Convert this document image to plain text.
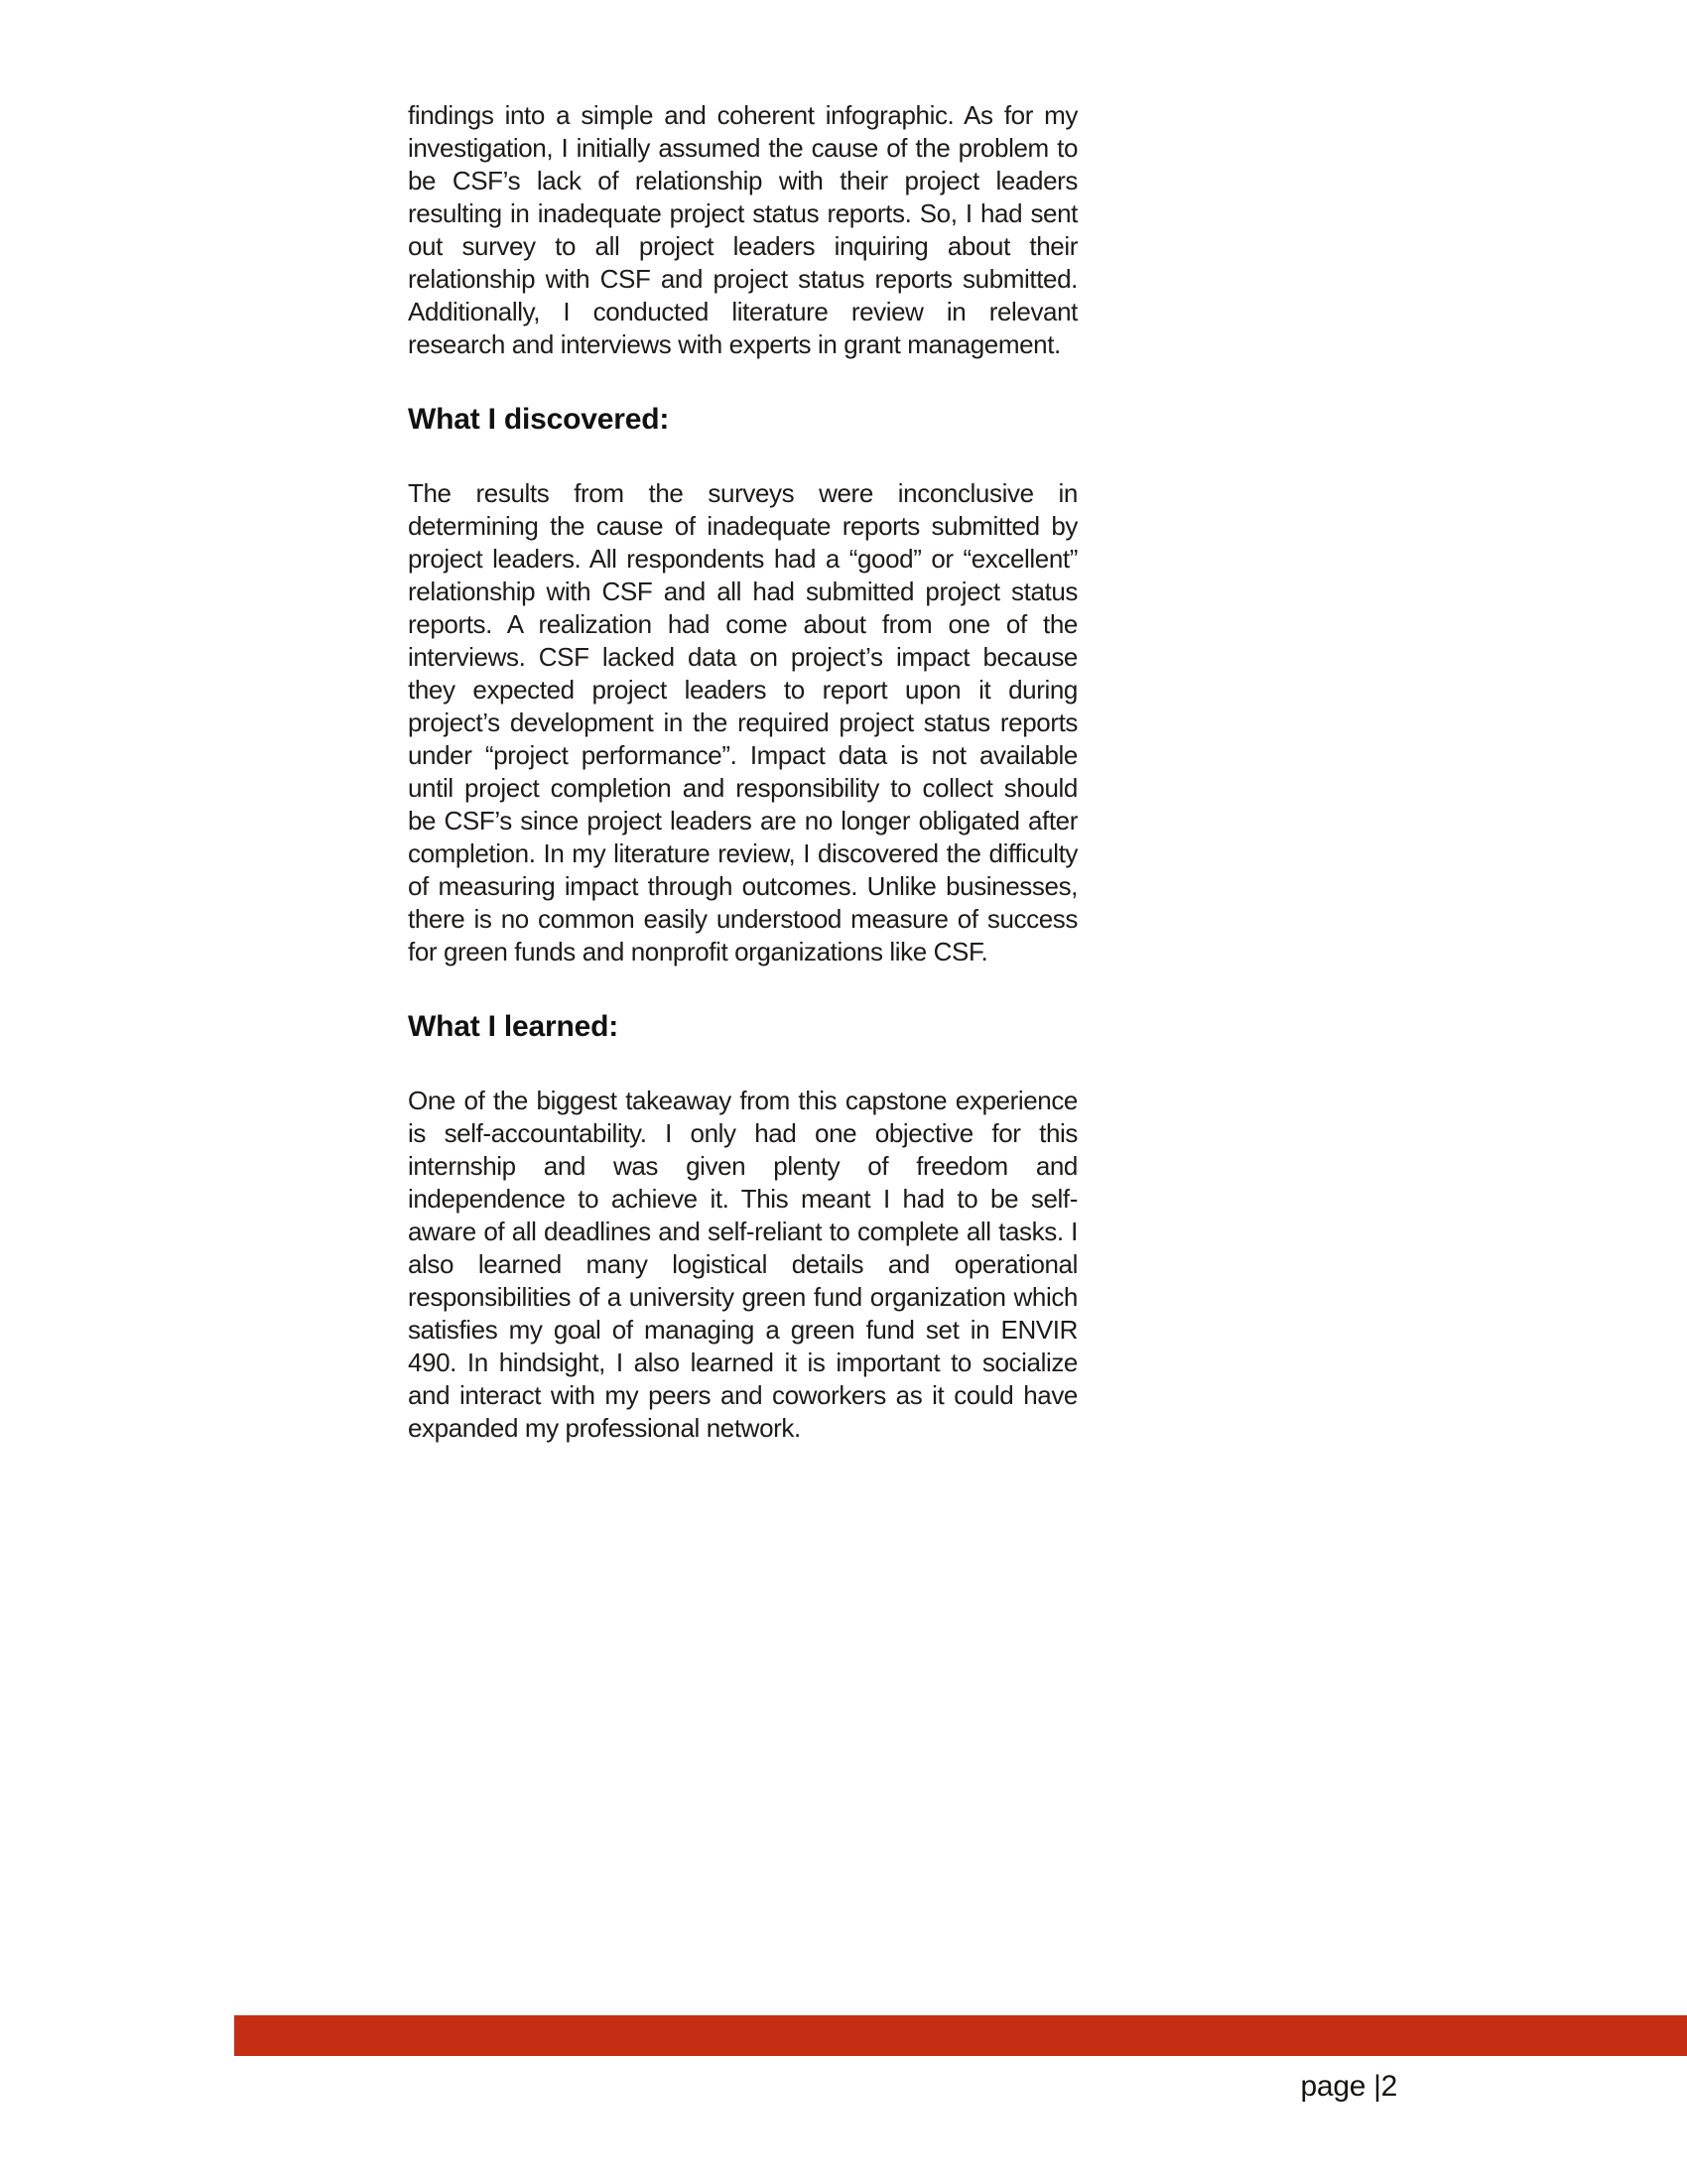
findings into a simple and coherent infographic. As for my investigation, I initially assumed the cause of the problem to be CSF’s lack of relationship with their project leaders resulting in inadequate project status reports. So, I had sent out survey to all project leaders inquiring about their relationship with CSF and project status reports submitted. Additionally, I conducted literature review in relevant research and interviews with experts in grant management.

What I discovered:

The results from the surveys were inconclusive in determining the cause of inadequate reports submitted by project leaders. All respondents had a “good” or “excellent” relationship with CSF and all had submitted project status reports. A realization had come about from one of the interviews. CSF lacked data on project’s impact because they expected project leaders to report upon it during project’s development in the required project status reports under “project performance”. Impact data is not available until project completion and responsibility to collect should be CSF’s since project leaders are no longer obligated after completion. In my literature review, I discovered the difficulty of measuring impact through outcomes. Unlike businesses, there is no common easily understood measure of success for green funds and nonprofit organizations like CSF.

What I learned:

One of the biggest takeaway from this capstone experience is self-accountability. I only had one objective for this internship and was given plenty of freedom and independence to achieve it. This meant I had to be self-aware of all deadlines and self-reliant to complete all tasks. I also learned many logistical details and operational responsibilities of a university green fund organization which satisfies my goal of managing a green fund set in ENVIR 490. In hindsight, I also learned it is important to socialize and interact with my peers and coworkers as it could have expanded my professional network.

page |2
